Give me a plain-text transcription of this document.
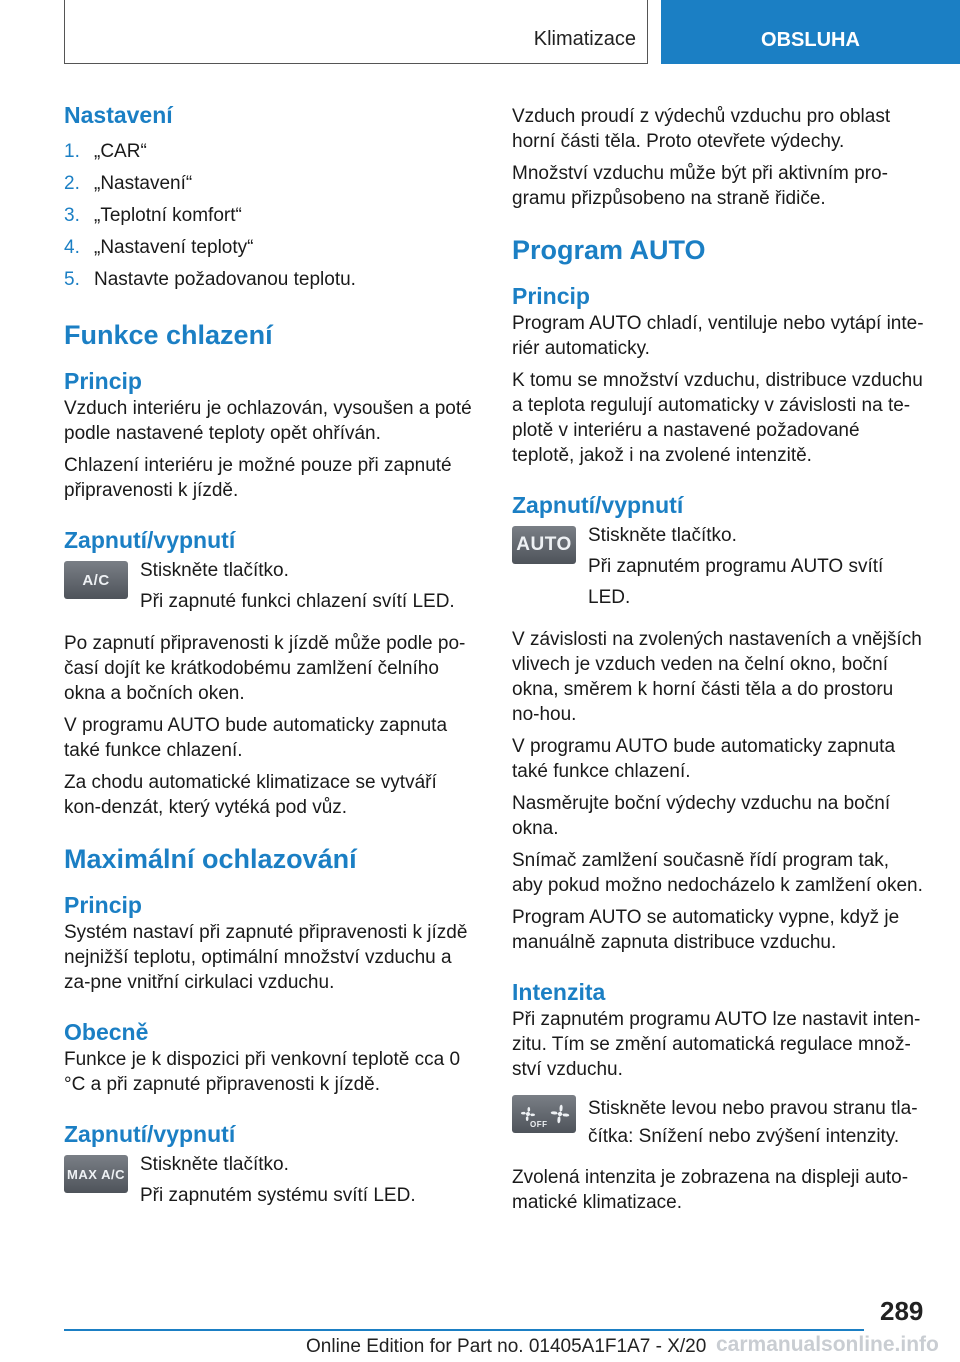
Klimatizace	OBSLUHA
Nastavení
1. „CAR“
2. „Nastavení“
3. „Teplotní komfort“
4. „Nastavení teploty“
5. Nastavte požadovanou teplotu.
Funkce chlazení
Princip

Vzduch interiéru je ochlazován, vysoušen a poté podle nastavené teploty opět ohříván.

Chlazení interiéru je možné pouze při zapnuté připravenosti k jízdě.

Zapnutí/vypnutí
A/C	Stiskněte tlačítko.

Při zapnuté funkci chlazení svítí LED.

Po zapnutí připravenosti k jízdě může podle po-časí dojít ke krátkodobému zamlžení čelního okna a bočních oken.

V programu AUTO bude automaticky zapnuta také funkce chlazení.

Za chodu automatické klimatizace se vytváří kon-denzát, který vytéká pod vůz.

Maximální ochlazování
Princip

Systém nastaví při zapnuté připravenosti k jízdě nejnižší teplotu, optimální množství vzduchu a za-pne vnitřní cirkulaci vzduchu.

Obecně

Funkce je k dispozici při venkovní teplotě cca 0 °C a při zapnuté připravenosti k jízdě.

Zapnutí/vypnutí
MAX A/C Stiskněte tlačítko.

Při zapnutém systému svítí LED.

Vzduch proudí z výdechů vzduchu pro oblast horní části těla. Proto otevřete výdechy.

Množství vzduchu může být při aktivním pro-gramu přizpůsobeno na straně řidiče.

Program AUTO
Princip

Program AUTO chladí, ventiluje nebo vytápí inte-riér automaticky.

K tomu se množství vzduchu, distribuce vzduchu a teplota regulují automaticky v závislosti na te-plotě v interiéru a nastavené požadované teplotě, jakož i na zvolené intenzitě.

Zapnutí/vypnutí
AUTO Stiskněte tlačítko.

Při zapnutém programu AUTO svítí LED.

V závislosti na zvolených nastaveních a vnějších vlivech je vzduch veden na čelní okno, boční okna, směrem k horní části těla a do prostoru no-hou.

V programu AUTO bude automaticky zapnuta také funkce chlazení.

Nasměrujte boční výdechy vzduchu na boční okna.

Snímač zamlžení současně řídí program tak, aby pokud možno nedocházelo k zamlžení oken.

Program AUTO se automaticky vypne, když je manuálně zapnuta distribuce vzduchu.

Intenzita

Při zapnutém programu AUTO lze nastavit inten-zitu. Tím se změní automatická regulace množ-ství vzduchu.

OFF

Stiskněte levou nebo pravou stranu tla-čítka: Snížení nebo zvýšení intenzity.

Zvolená intenzita je zobrazena na displeji auto-matické klimatizace.

289
Online Edition for Part no. 01405A1F1A7 - X/20 carmanualsonline.info
